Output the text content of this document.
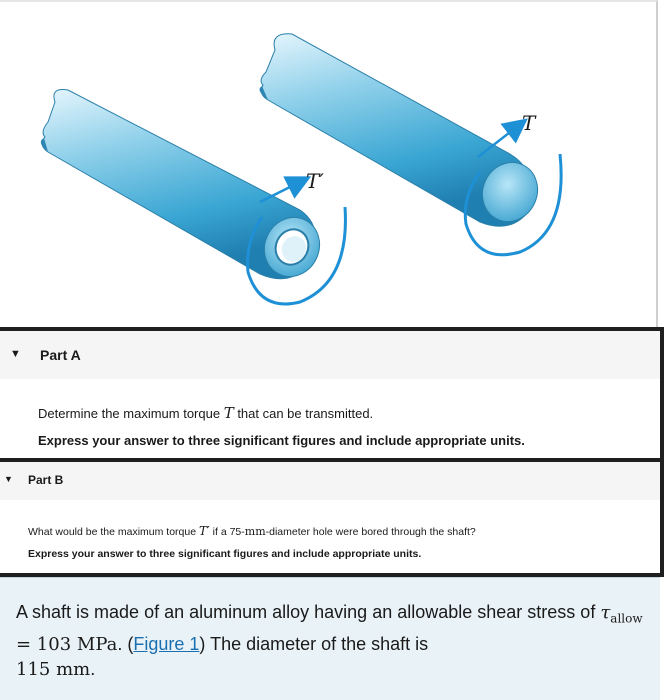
T′
T
▼ Part A
Determine the maximum torque T that can be transmitted.
Express your answer to three significant figures and include appropriate units.
▼ Part B
What would be the maximum torque T′ if a 75-mm-diameter hole were bored through the shaft?
Express your answer to three significant figures and include appropriate units.
A shaft is made of an aluminum alloy having an allowable shear stress of $\tau_{allow} = 103$ MPa. (Figure 1) The diameter of the shaft is
115 mm.
